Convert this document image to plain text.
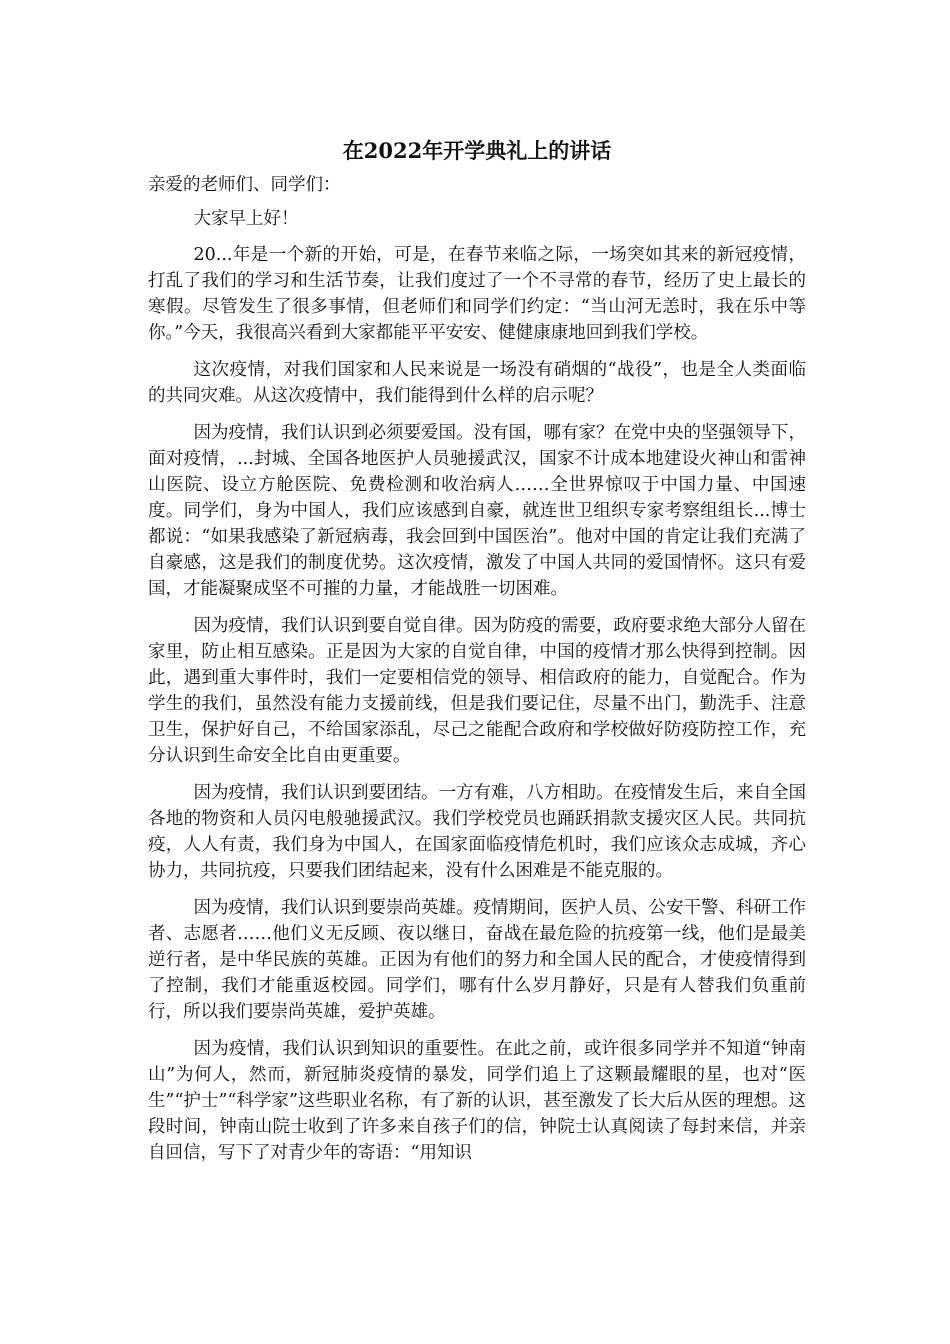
在2022年开学典礼上的讲话
亲爱的老师们、同学们：
大家早上好！

20...年是一个新的开始，可是，在春节来临之际，一场突如其来的新冠疫情，打乱了我们的学习和生活节奏，让我们度过了一个不寻常的春节，经历了史上最长的寒假。尽管发生了很多事情，但老师们和同学们约定：“当山河无恙时，我在乐中等你。”今天，我很高兴看到大家都能平平安安、健健康康地回到我们学校。

这次疫情，对我们国家和人民来说是一场没有硝烟的“战役”，也是全人类面临的共同灾难。从这次疫情中，我们能得到什么样的启示呢？

因为疫情，我们认识到必须要爱国。没有国，哪有家？在党中央的坚强领导下，面对疫情，...封城、全国各地医护人员驰援武汉，国家不计成本地建设火神山和雷神山医院、设立方舱医院、免费检测和收治病人……全世界惊叹于中国力量、中国速度。同学们，身为中国人，我们应该感到自豪，就连世卫组织专家考察组组长...博士都说：“如果我感染了新冠病毒，我会回到中国医治”。他对中国的肯定让我们充满了自豪感，这是我们的制度优势。这次疫情，激发了中国人共同的爱国情怀。这只有爱国，才能凝聚成坚不可摧的力量，才能战胜一切困难。

因为疫情，我们认识到要自觉自律。因为防疫的需要，政府要求绝大部分人留在家里，防止相互感染。正是因为大家的自觉自律，中国的疫情才那么快得到控制。因此，遇到重大事件时，我们一定要相信党的领导、相信政府的能力，自觉配合。作为学生的我们，虽然没有能力支援前线，但是我们要记住，尽量不出门，勤洗手、注意卫生，保护好自己，不给国家添乱，尽己之能配合政府和学校做好防疫防控工作，充分认识到生命安全比自由更重要。

因为疫情，我们认识到要团结。一方有难，八方相助。在疫情发生后，来自全国各地的物资和人员闪电般驰援武汉。我们学校党员也踊跃捐款支援灾区人民。共同抗疫，人人有责，我们身为中国人，在国家面临疫情危机时，我们应该众志成城，齐心协力，共同抗疫，只要我们团结起来，没有什么困难是不能克服的。

因为疫情，我们认识到要崇尚英雄。疫情期间，医护人员、公安干警、科研工作者、志愿者……他们义无反顾、夜以继日，奋战在最危险的抗疫第一线，他们是最美逆行者，是中华民族的英雄。正因为有他们的努力和全国人民的配合，才使疫情得到了控制，我们才能重返校园。同学们，哪有什么岁月静好，只是有人替我们负重前行，所以我们要崇尚英雄，爱护英雄。

因为疫情，我们认识到知识的重要性。在此之前，或许很多同学并不知道“钟南山”为何人，然而，新冠肺炎疫情的暴发，同学们追上了这颗最耀眼的星，也对“医生”“护士”“科学家”这些职业名称，有了新的认识，甚至激发了长大后从医的理想。这段时间，钟南山院士收到了许多来自孩子们的信，钟院士认真阅读了每封来信，并亲自回信，写下了对青少年的寄语：“用知识
